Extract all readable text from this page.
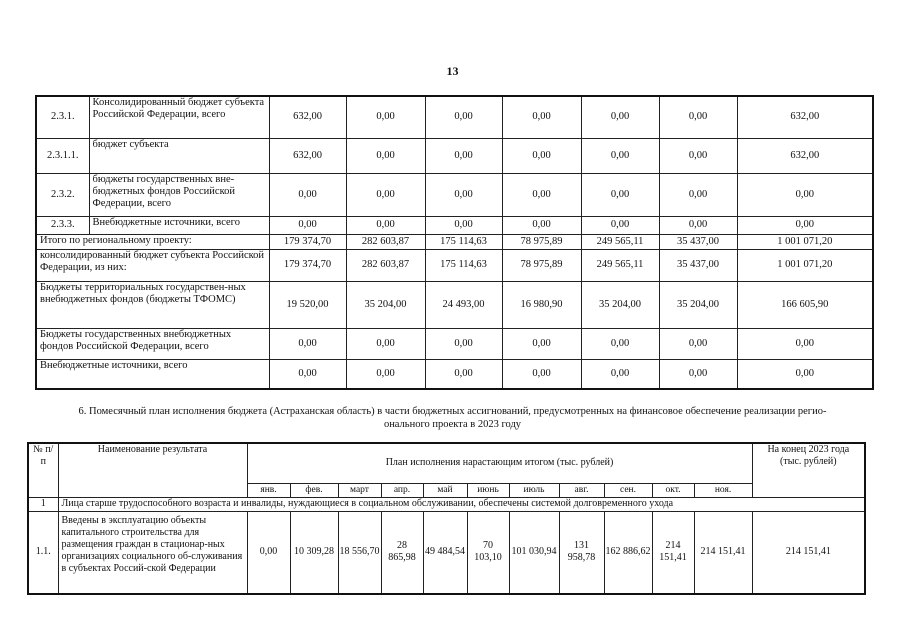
13
2.3.1.	Консолидированный бюджет субъекта Российской Федерации, всего	632,00	0,00	0,00	0,00	0,00	0,00	632,00
2.3.1.1.	бюджет субъекта	632,00	0,00	0,00	0,00	0,00	0,00	632,00
2.3.2.	бюджеты государственных вне-бюджетных фондов Российской Федерации, всего	0,00	0,00	0,00	0,00	0,00	0,00	0,00
2.3.3.	Внебюджетные источники, всего	0,00	0,00	0,00	0,00	0,00	0,00	0,00
Итого по региональному проекту:		179 374,70	282 603,87	175 114,63	78 975,89	249 565,11	35 437,00	1 001 071,20
консолидированный бюджет субъекта Российской Федерации, из них:		179 374,70	282 603,87	175 114,63	78 975,89	249 565,11	35 437,00	1 001 071,20
Бюджеты территориальных государствен-ных внебюджетных фондов (бюджеты ТФОМС)		19 520,00	35 204,00	24 493,00	16 980,90	35 204,00	35 204,00	166 605,90
Бюджеты государственных внебюджетных фондов Российской Федерации, всего		0,00	0,00	0,00	0,00	0,00	0,00	0,00
Внебюджетные источники, всего		0,00	0,00	0,00	0,00	0,00	0,00	0,00
6. Помесячный план исполнения бюджета (Астраханская область) в части бюджетных ассигнований, предусмотренных на финансовое обеспечение реализации регио-
онального проекта в 2023 году
№ п/п	Наименование результата	План исполнения нарастающим итогом (тыс. рублей)											На конец 2023 года (тыс. рублей)
		янв.	фев.	март	апр.	май	июнь	июль	авг.	сен.	окт.	ноя.	
1	Лица старше трудоспособного возраста и инвалиды, нуждающиеся в социальном обслуживании, обеспечены системой долговременного ухода												
1.1.	Введены в эксплуатацию объекты капитального строительства для размещения граждан в стационар-ных организациях социального об-служивания в субъектах Россий-ской Федерации	0,00	10 309,28	18 556,70	28 865,98	49 484,54	70 103,10	101 030,94	131 958,78	162 886,62	214 151,41	214 151,41	214 151,41
